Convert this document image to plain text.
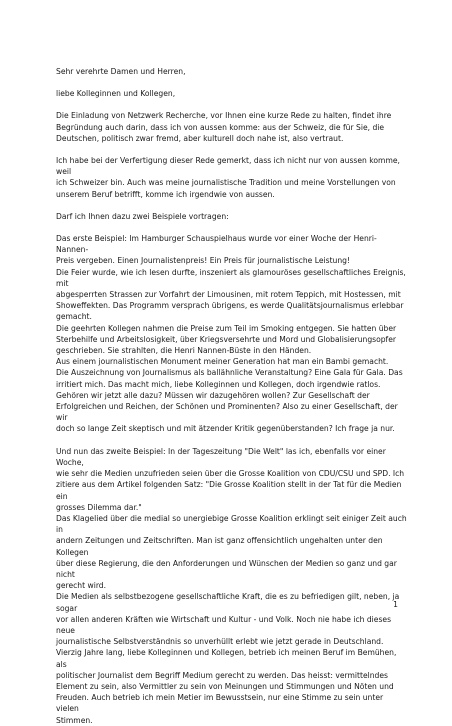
Sehr verehrte Damen und Herren,

liebe Kolleginnen und Kollegen,

Die Einladung von Netzwerk Recherche, vor Ihnen eine kurze Rede zu halten, findet ihre
Begründung auch darin, dass ich von aussen komme: aus der Schweiz, die für Sie, die
Deutschen, politisch zwar fremd, aber kulturell doch nahe ist, also vertraut.

Ich habe bei der Verfertigung dieser Rede gemerkt, dass ich nicht nur von aussen komme, weil
ich Schweizer bin. Auch was meine journalistische Tradition und meine Vorstellungen von
unserem Beruf betrifft, komme ich irgendwie von aussen.

Darf ich Ihnen dazu zwei Beispiele vortragen:

Das erste Beispiel: Im Hamburger Schauspielhaus wurde vor einer Woche der Henri-Nannen-
Preis vergeben. Einen Journalistenpreis! Ein Preis für journalistische Leistung!
Die Feier wurde, wie ich lesen durfte, inszeniert als glamouröses gesellschaftliches Ereignis, mit
abgesperrten Strassen zur Vorfahrt der Limousinen, mit rotem Teppich, mit Hostessen, mit
Showeffekten. Das Programm versprach übrigens, es werde Qualitätsjournalismus erlebbar
gemacht.
Die geehrten Kollegen nahmen die Preise zum Teil im Smoking entgegen. Sie hatten über
Sterbehilfe und Arbeitslosigkeit, über Kriegsversehrte und Mord und Globalisierungsopfer
geschrieben. Sie strahlten, die Henri Nannen-Büste in den Händen.
Aus einem journalistischen Monument meiner Generation hat man ein Bambi gemacht.
Die Auszeichnung von Journalismus als ballähnliche Veranstaltung? Eine Gala für Gala. Das
irritiert mich. Das macht mich, liebe Kolleginnen und Kollegen, doch irgendwie ratlos.
Gehören wir jetzt alle dazu? Müssen wir dazugehören wollen? Zur Gesellschaft der
Erfolgreichen und Reichen, der Schönen und Prominenten? Also zu einer Gesellschaft, der wir
doch so lange Zeit skeptisch und mit ätzender Kritik gegenüberstanden? Ich frage ja nur.

Und nun das zweite Beispiel: In der Tageszeitung "Die Welt" las ich, ebenfalls vor einer Woche,
wie sehr die Medien unzufrieden seien über die Grosse Koalition von CDU/CSU und SPD. Ich
zitiere aus dem Artikel folgenden Satz: "Die Grosse Koalition stellt in der Tat für die Medien ein
grosses Dilemma dar."
Das Klagelied über die medial so unergiebige Grosse Koalition erklingt seit einiger Zeit auch in
andern Zeitungen und Zeitschriften. Man ist ganz offensichtlich ungehalten unter den Kollegen
über diese Regierung, die den Anforderungen und Wünschen der Medien so ganz und gar nicht
gerecht wird.
Die Medien als selbstbezogene gesellschaftliche Kraft, die es zu befriedigen gilt, neben, ja sogar
vor allen anderen Kräften wie Wirtschaft und Kultur - und Volk. Noch nie habe ich dieses neue
journalistische Selbstverständnis so unverhüllt erlebt wie jetzt gerade in Deutschland.
Vierzig Jahre lang, liebe Kolleginnen und Kollegen, betrieb ich meinen Beruf im Bemühen, als
politischer Journalist dem Begriff Medium gerecht zu werden. Das heisst: vermittelndes
Element zu sein, also Vermittler zu sein von Meinungen und Stimmungen und Nöten und
Freuden. Auch betrieb ich mein Metier im Bewusstsein, nur eine Stimme zu sein unter vielen
Stimmen.

1
